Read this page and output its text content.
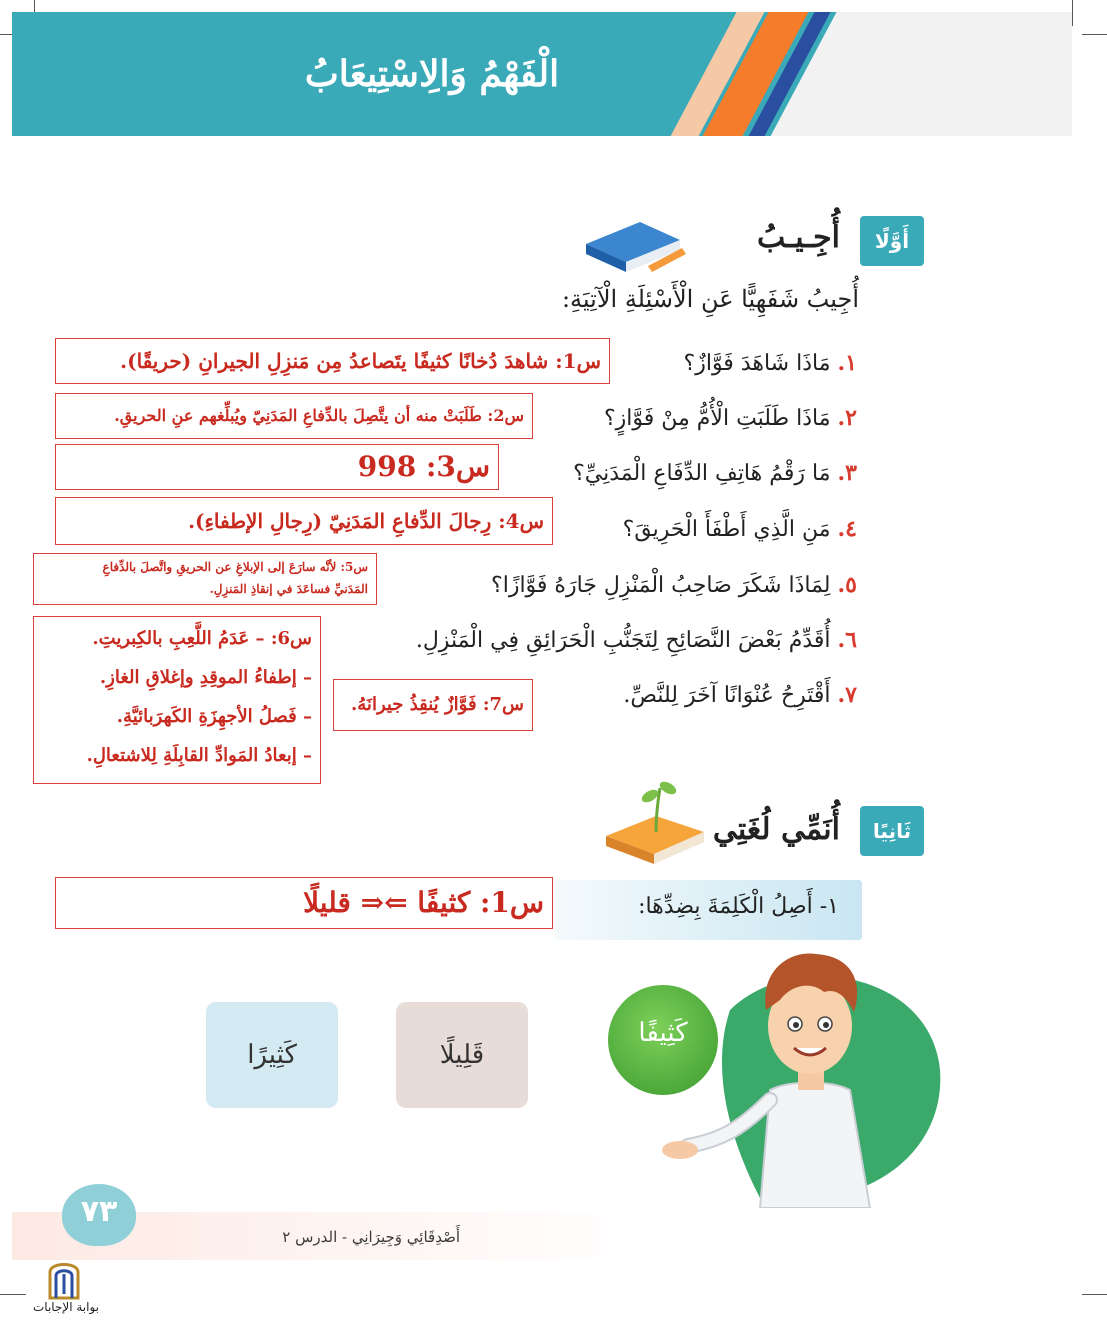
الْفَهْمُ وَالِاسْتِيعَابُ
أَوَّلًا
أُجِـيـبُ
أُجِيبُ شَفَهِيًّا عَنِ الْأَسْئِلَةِ الْآتِيَةِ:
١. مَاذَا شَاهَدَ فَوَّازٌ؟
٢. مَاذَا طَلَبَتِ الْأُمُّ مِنْ فَوَّازٍ؟
٣. مَا رَقْمُ هَاتِفِ الدِّفَاعِ الْمَدَنِيِّ؟
٤. مَنِ الَّذِي أَطْفَأَ الْحَرِيقَ؟
٥. لِمَاذَا شَكَرَ صَاحِبُ الْمَنْزِلِ جَارَهُ فَوَّازًا؟
٦. أُقَدِّمُ بَعْضَ النَّصَائِحِ لِتَجَنُّبِ الْحَرَائِقِ فِي الْمَنْزِلِ.
٧. أَقْتَرِحُ عُنْوَانًا آخَرَ لِلنَّصِّ.
س1: شاهدَ دُخانًا كثيفًا يتَصاعدُ مِن مَنزِلِ الجيرانِ (حريقًا).
س2: طَلَبَتْ منه أن يتَّصِلَ بالدِّفاعِ المَدَنِيّ ويُبلِّغهم عنِ الحريقِ.
س3: 998
س4: رِجالَ الدِّفاعِ المَدَنِيّ (رِجالِ الإطفاءِ).
س5: لأنَّه سارَعَ إلى الإبلاغِ عن الحريقِ واتَّصلَ بالدِّفاعِ
المَدَنيِّ فساعَدَ في إنقاذِ المَنزِلِ.
س6: – عَدَمُ اللَّعِبِ بالكِبريتِ.
– إطفاءُ الموقِدِ وإغلاقِ الغازِ.
– فَصلُ الأجهِزَةِ الكَهرَبائيَّةِ.
– إبعادُ المَوادِّ القابِلَةِ لِلاشتعالِ.
س7: فَوَّازٌ يُنقِذُ جيرانَهُ.
ثَانِيًا
أُنَمِّي لُغَتِي
١- أَصِلُ الْكَلِمَةَ بِضِدِّهَا:
س1: كثيفًا ⇐⇒ قليلًا
كَثِيفًا
قَلِيلًا
كَثِيرًا
٧٣
أَصْدِقَائِي وَجِيرَانِي - الدرس ٢
بوابة الإجابات
